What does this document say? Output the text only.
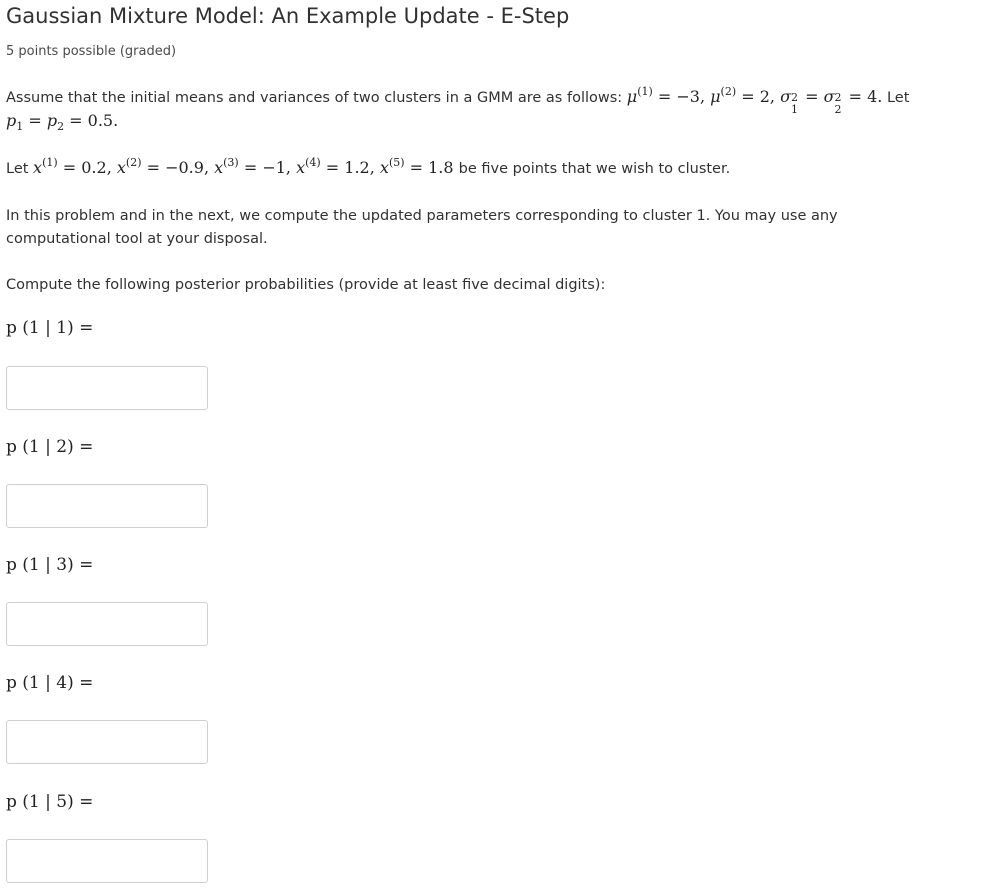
Gaussian Mixture Model: An Example Update - E-Step
5 points possible (graded)
Assume that the initial means and variances of two clusters in a GMM are as follows: $\mu^{(1)} = -3$, $\mu^{(2)} = 2$, σ 2
1
= σ 2
2
= 4. Let
$p_1 = p_2 = 0.5$.
Let $x^{(1)} = 0.2$, $x^{(2)} = -0.9$, $x^{(3)} = -1$, $x^{(4)} = 1.2$, $x^{(5)} = 1.8$ be five points that we wish to cluster.
In this problem and in the next, we compute the updated parameters corresponding to cluster 1. You may use any
computational tool at your disposal.
Compute the following posterior probabilities (provide at least five decimal digits):
p (1 | 1) =
p (1 | 2) =
p (1 | 3) =
p (1 | 4) =
p (1 | 5) =
